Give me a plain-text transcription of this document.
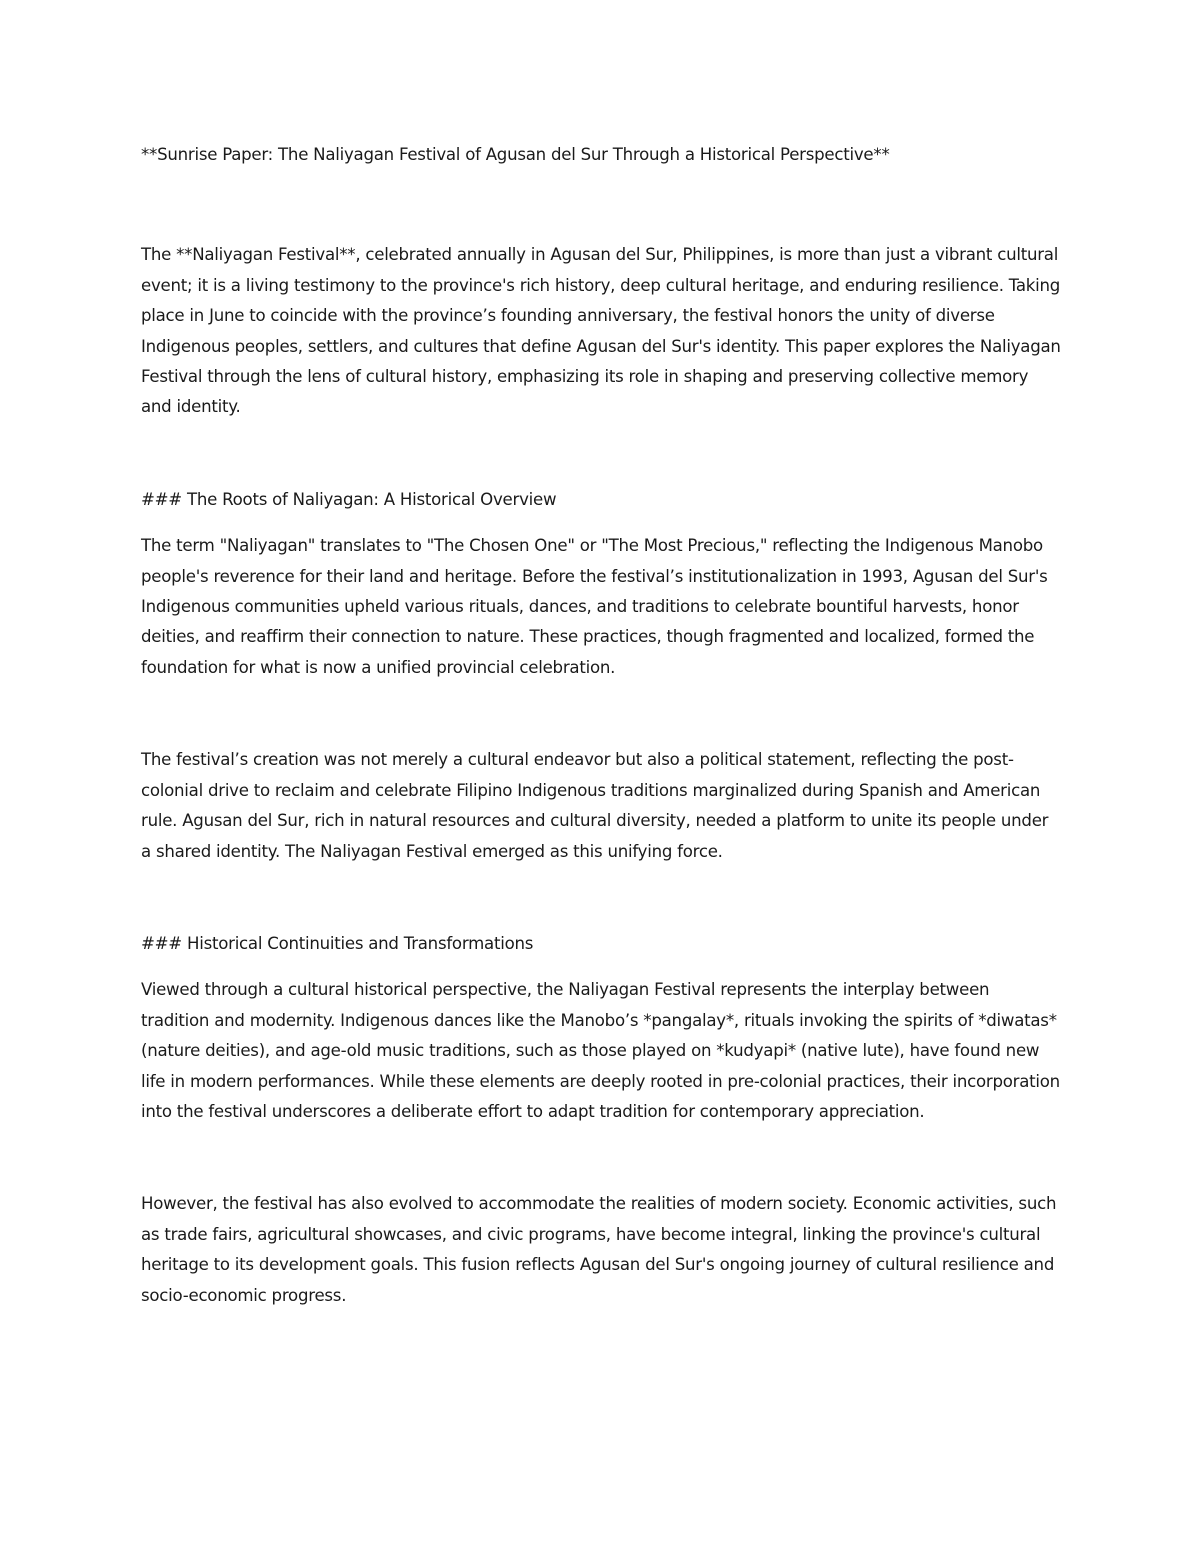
**Sunrise Paper: The Naliyagan Festival of Agusan del Sur Through a Historical Perspective**

The **Naliyagan Festival**, celebrated annually in Agusan del Sur, Philippines, is more than just a vibrant cultural event; it is a living testimony to the province's rich history, deep cultural heritage, and enduring resilience. Taking place in June to coincide with the province’s founding anniversary, the festival honors the unity of diverse Indigenous peoples, settlers, and cultures that define Agusan del Sur's identity. This paper explores the Naliyagan Festival through the lens of cultural history, emphasizing its role in shaping and preserving collective memory and identity.

### The Roots of Naliyagan: A Historical Overview

The term "Naliyagan" translates to "The Chosen One" or "The Most Precious," reflecting the Indigenous Manobo people's reverence for their land and heritage. Before the festival’s institutionalization in 1993, Agusan del Sur's Indigenous communities upheld various rituals, dances, and traditions to celebrate bountiful harvests, honor deities, and reaffirm their connection to nature. These practices, though fragmented and localized, formed the foundation for what is now a unified provincial celebration.

The festival’s creation was not merely a cultural endeavor but also a political statement, reflecting the post-colonial drive to reclaim and celebrate Filipino Indigenous traditions marginalized during Spanish and American rule. Agusan del Sur, rich in natural resources and cultural diversity, needed a platform to unite its people under a shared identity. The Naliyagan Festival emerged as this unifying force.

### Historical Continuities and Transformations

Viewed through a cultural historical perspective, the Naliyagan Festival represents the interplay between tradition and modernity. Indigenous dances like the Manobo’s *pangalay*, rituals invoking the spirits of *diwatas* (nature deities), and age-old music traditions, such as those played on *kudyapi* (native lute), have found new life in modern performances. While these elements are deeply rooted in pre-colonial practices, their incorporation into the festival underscores a deliberate effort to adapt tradition for contemporary appreciation.

However, the festival has also evolved to accommodate the realities of modern society. Economic activities, such as trade fairs, agricultural showcases, and civic programs, have become integral, linking the province's cultural heritage to its development goals. This fusion reflects Agusan del Sur's ongoing journey of cultural resilience and socio-economic progress.
